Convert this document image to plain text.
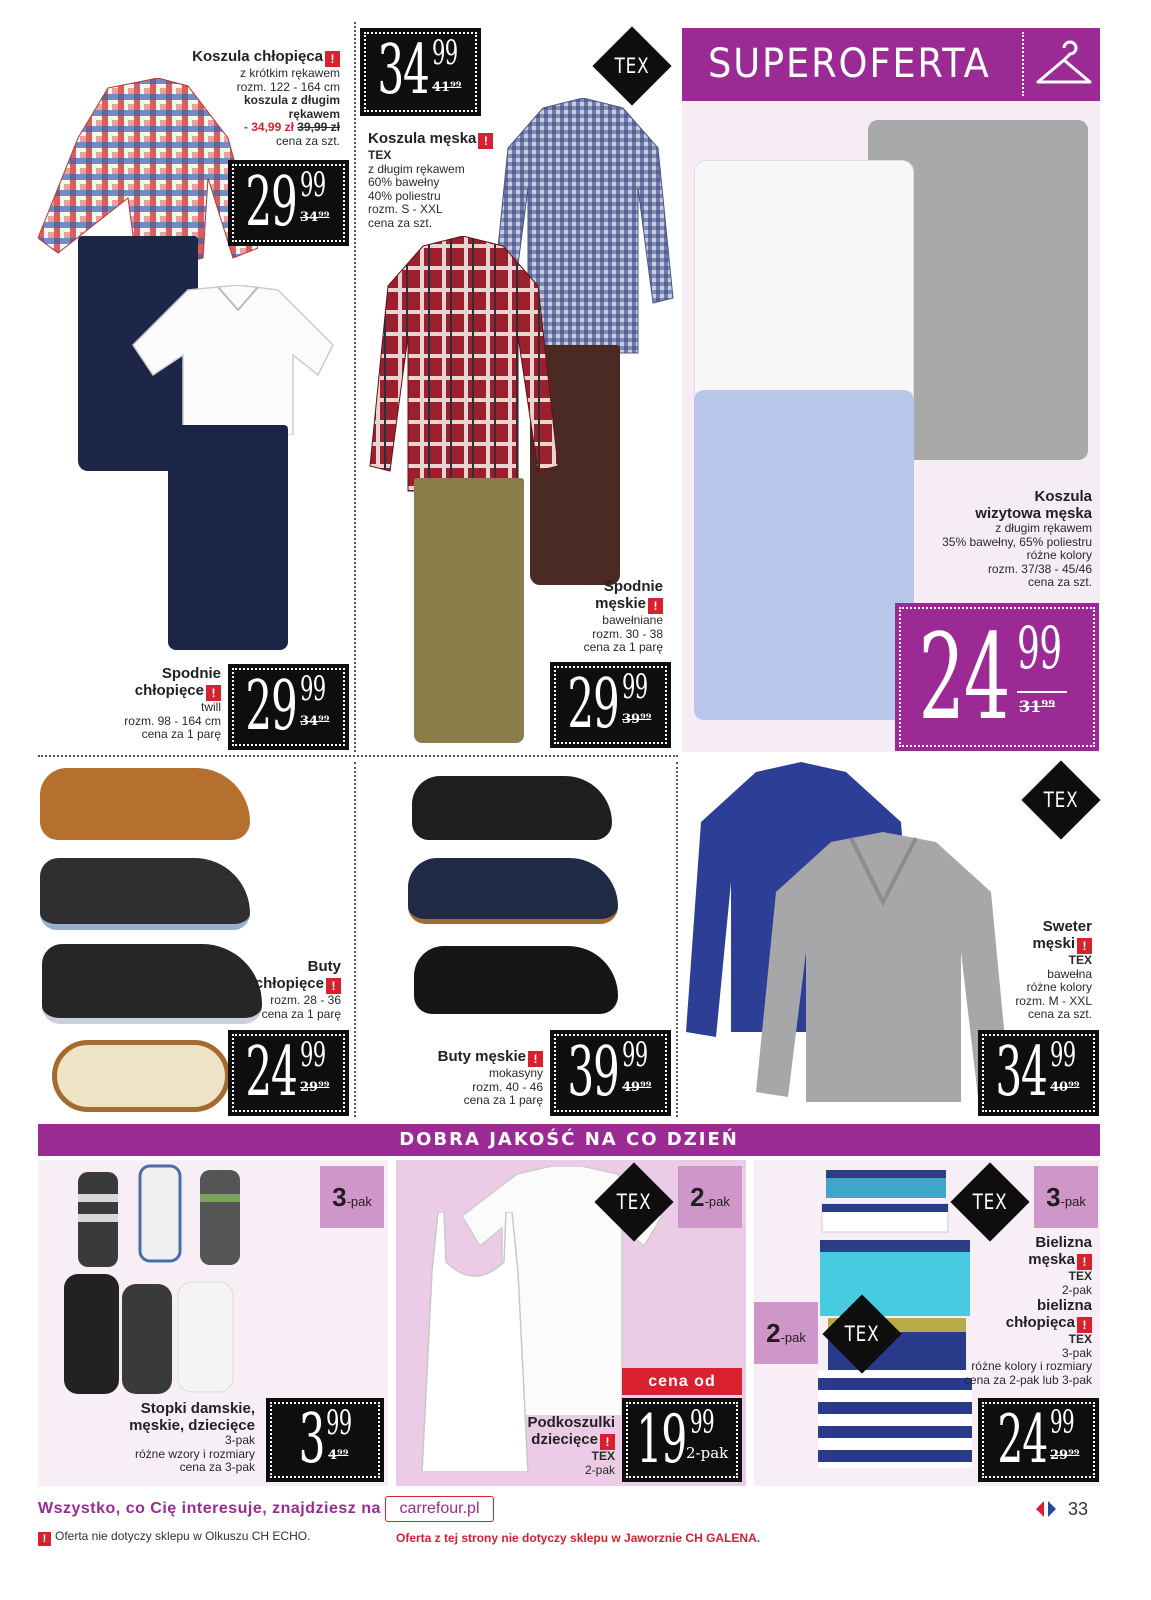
Koszula chłopięca !
z krótkim rękawem
rozm. 122 - 164 cm
koszula z długim
rękawem
- 34,99 zł 39,99 zł
cena za szt.
29 99
34⁹⁹
Spodnie
chłopięce !
twill
rozm. 98 - 164 cm
cena za 1 parę 29 99
34⁹⁹
34 99
41⁹⁹
TEX
Koszula męska !
TEX
z długim rękawem
60% bawełny
40% poliestru
rozm. S - XXL
cena za szt.
Spodnie
męskie !
bawełniane
rozm. 30 - 38
cena za 1 parę
29 99
39⁹⁹
SUPEROFERTA
Koszula
wizytowa męska
z długim rękawem
35% bawełny, 65% poliestru
różne kolory
rozm. 37/38 - 45/46
cena za szt.
24 99
31⁹⁹
Buty
chłopięce !
rozm. 28 - 36
cena za 1 parę
24 99
29⁹⁹
Buty męskie !
mokasyny
rozm. 40 - 46
cena za 1 parę 39 99
49⁹⁹
TEX
Sweter
męski !
TEX
bawełna
różne kolory
rozm. M - XXL
cena za szt.
34 99
40⁹⁹
DOBRA JAKOŚĆ NA CO DZIEŃ
3-pak
Stopki damskie,
męskie, dziecięce
3-pak
różne wzory i rozmiary
cena za 3-pak 3 99
4⁹⁹
TEX	2-pak
cena od
Podkoszulki
dziecięce !
TEX
2-pak 19 99
2-pak
TEX
TEX
3-pak
2-pak
Bielizna
męska !
TEX
2-pak
bielizna
chłopięca !
TEX
3-pak
różne kolory i rozmiary
cena za 2-pak lub 3-pak
24 99
29⁹⁹
Wszystko, co Cię interesuje, znajdziesz na	carrefour.pl	33
! Oferta nie dotyczy sklepu w Olkuszu CH ECHO.	Oferta z tej strony nie dotyczy sklepu w Jaworznie CH GALENA.
